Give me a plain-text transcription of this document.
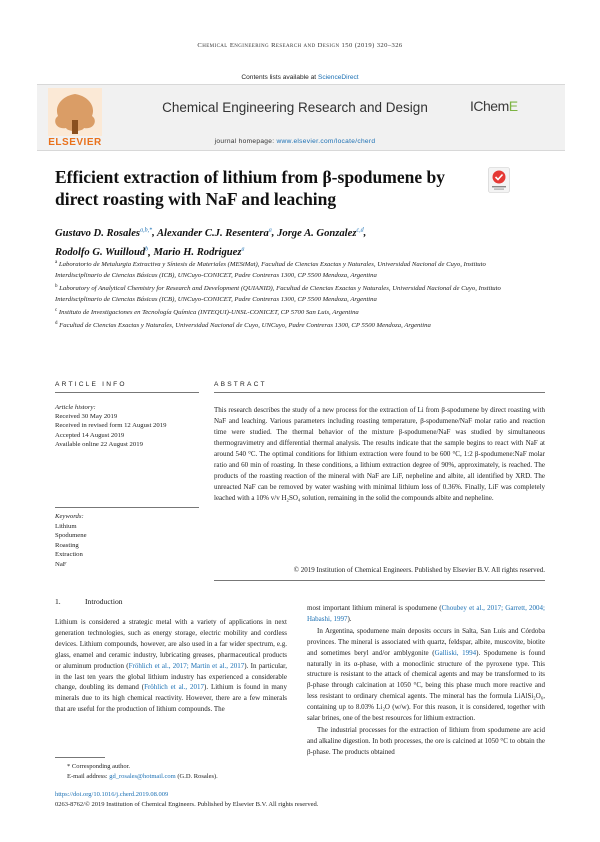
Chemical Engineering Research and Design 150 (2019) 320–326
Contents lists available at ScienceDirect
ELSEVIER
Chemical Engineering Research and Design
journal homepage: www.elsevier.com/locate/cherd
IChemE
Efficient extraction of lithium from β-spodumene by direct roasting with NaF and leaching
Gustavo D. Rosales$^{a,b,*}$, Alexander C.J. Resentera$^a$, Jorge A. Gonzalez$^{c,d}$,
Rodolfo G. Wuilloud$^b$, Mario H. Rodriguez$^a$
$^a$ Laboratorio de Metalurgia Extractiva y Síntesis de Materiales (MESiMat), Facultad de Ciencias Exactas y Naturales, Universidad Nacional de Cuyo, Instituto Interdisciplinario de Ciencias Básicas (ICB), UNCuyo-CONICET, Padre Contreras 1300, CP 5500 Mendoza, Argentina
$^b$ Laboratory of Analytical Chemistry for Research and Development (QUIANID), Facultad de Ciencias Exactas y Naturales, Universidad Nacional de Cuyo, Instituto Interdisciplinario de Ciencias Básicas (ICB), UNCuyo-CONICET, Padre Contreras 1300, CP 5500 Mendoza, Argentina
$^c$ Instituto de Investigaciones en Tecnología Química (INTEQUI)-UNSL-CONICET, CP 5700 San Luis, Argentina
$^d$ Facultad de Ciencias Exactas y Naturales, Universidad Nacional de Cuyo, UNCuyo, Padre Contreras 1300, CP 5500 Mendoza, Argentina
ARTICLE INFO	ABSTRACT
Article history:
Received 30 May 2019
Received in revised form 12 August 2019
Accepted 14 August 2019
Available online 22 August 2019
Keywords:
Lithium
Spodumene
Roasting
Extraction
NaF
This research describes the study of a new process for the extraction of Li from β-spodumene by direct roasting with NaF and leaching. Various parameters including roasting temperature, β-spodumene/NaF molar ratio and reaction time were studied. The thermal behavior of the mixture β-spodumene/NaF was studied by simultaneous thermogravimetry and differential thermal analysis. The results indicate that the sample begins to react with NaF at around 540 °C. The optimal conditions for lithium extraction were found to be 600 °C, 1:2 β-spodumene:NaF molar ratio and 60 min of roasting. In these conditions, a lithium extraction degree of 90%, approximately, is reached. The products of the roasting reaction of the mineral with NaF are LiF, nepheline and albite, all identified by XRD. The unreacted NaF can be removed by water washing with minimal lithium loss of 0.36%. Finally, LiF was completely leached with a 10% v/v H₂SO₄ solution, remaining in the solid the compounds albite and nepheline.
© 2019 Institution of Chemical Engineers. Published by Elsevier B.V. All rights reserved.
1.	Introduction

Lithium is considered a strategic metal with a variety of applications in next generation technologies, such as energy storage, electric mobility and cordless devices. Lithium compounds, however, are also used in a far wider spectrum, e.g. glass, enamel and ceramic industry, lubricating greases, pharmaceutical products or aluminum production (Fröhlich et al., 2017; Martin et al., 2017). In particular, in the last ten years the global lithium industry has experienced a considerable change, doubling its demand (Fröhlich et al., 2017). Lithium is found in many minerals due to its high chemical reactivity. However, there are a few minerals that are useful for the production of lithium compounds. The

most important lithium mineral is spodumene (Choubey et al., 2017; Garrett, 2004; Habashi, 1997).

In Argentina, spodumene main deposits occurs in Salta, San Luis and Córdoba provinces. The mineral is associated with quartz, feldspar, albite, muscovite, biotite and sometimes beryl and/or amblygonite (Galliski, 1994). Spodumene is found naturally in its α-phase, with a monoclinic structure of the pyroxene type. This structure is resistant to the attack of chemical agents and may be transformed to its β-phase through calcination at 1050 °C, being this phase much more reactive and less resistant to ordinary chemical agents. The mineral has the formula LiAlSi₂O₆, containing up to 8.03% Li₂O (w/w). For this reason, it is considered, together with salar brines, one of the best resources for lithium extraction.

The industrial processes for the extraction of lithium from spodumene are acid and alkaline digestion. In both processes, the ore is calcined at 1050 °C to obtain the β-phase. The products obtained

* Corresponding author.
E-mail address: gd_rosales@hotmail.com (G.D. Rosales).
https://doi.org/10.1016/j.cherd.2019.08.009
0263-8762/© 2019 Institution of Chemical Engineers. Published by Elsevier B.V. All rights reserved.
